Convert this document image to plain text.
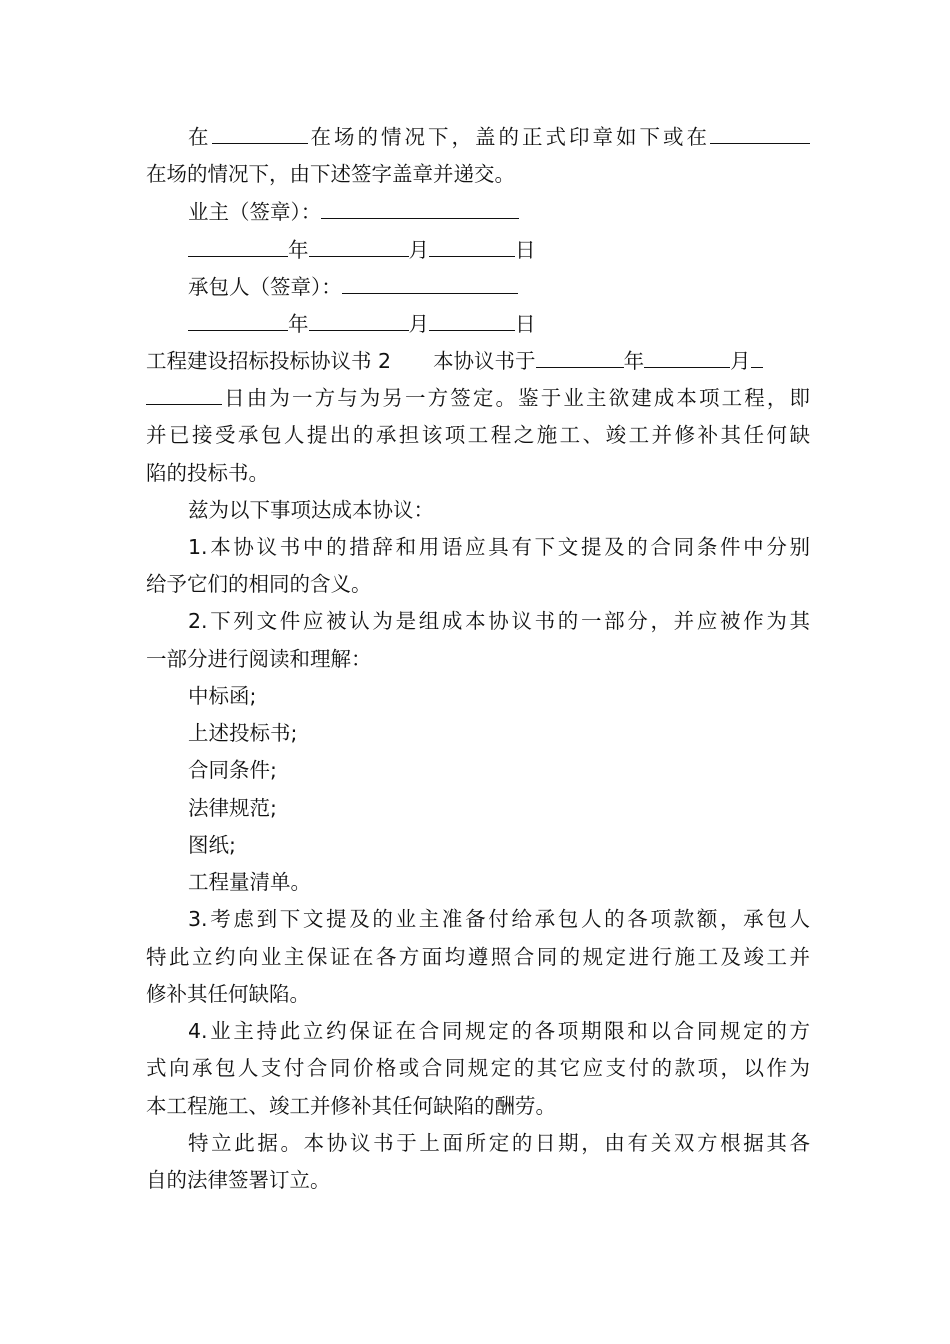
在	在场的情况下，盖的正式印章如下或在
在场的情况下，由下述签字盖章并递交。
业主（签章）：
年	月	日
承包人（签章）：
年	月	日
工程建设招标投标协议书 2 本协议书于	年	月
日由为一方与为另一方签定。鉴于业主欲建成本项工程，即
并已接受承包人提出的承担该项工程之施工、竣工并修补其任何缺
陷的投标书。
兹为以下事项达成本协议：
1.本协议书中的措辞和用语应具有下文提及的合同条件中分别
给予它们的相同的含义。
2.下列文件应被认为是组成本协议书的一部分，并应被作为其
一部分进行阅读和理解：
中标函;
上述投标书;
合同条件;
法律规范;
图纸;
工程量清单。
3.考虑到下文提及的业主准备付给承包人的各项款额，承包人
特此立约向业主保证在各方面均遵照合同的规定进行施工及竣工并
修补其任何缺陷。
4.业主持此立约保证在合同规定的各项期限和以合同规定的方
式向承包人支付合同价格或合同规定的其它应支付的款项，以作为
本工程施工、竣工并修补其任何缺陷的酬劳。
特立此据。本协议书于上面所定的日期，由有关双方根据其各
自的法律签署订立。
